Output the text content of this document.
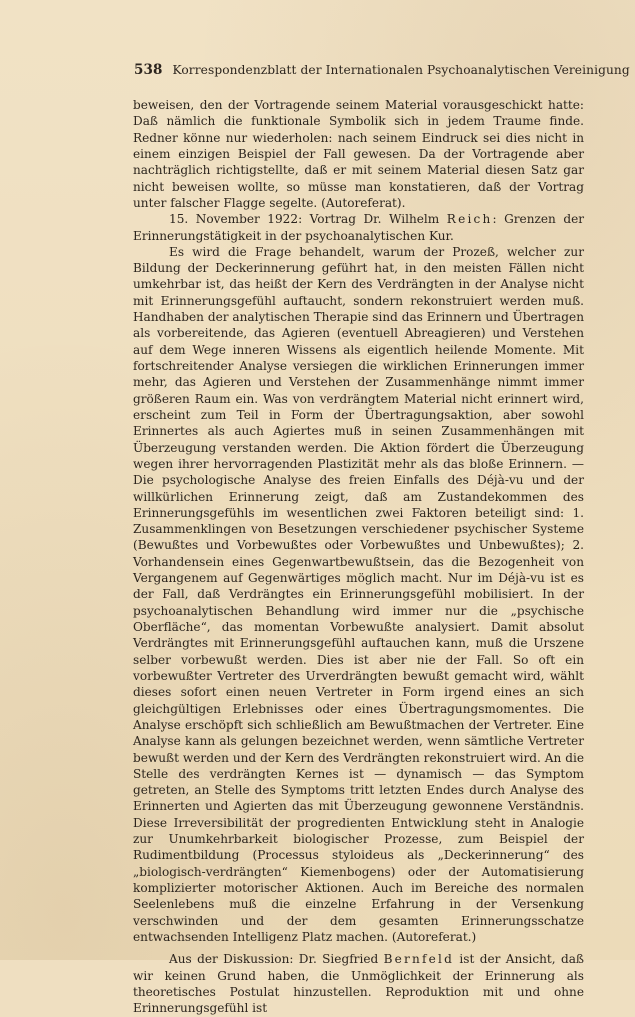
538 Korrespondenzblatt der Internationalen Psychoanalytischen Vereinigung

beweisen, den der Vortragende seinem Material vorausgeschickt hatte: Daß nämlich die funktionale Symbolik sich in jedem Traume finde. Redner könne nur wiederholen: nach seinem Eindruck sei dies nicht in einem einzigen Beispiel der Fall gewesen. Da der Vortragende aber nachträglich richtigstellte, daß er mit seinem Material diesen Satz gar nicht beweisen wollte, so müsse man konstatieren, daß der Vortrag unter falscher Flagge segelte. (Autoreferat).

15. November 1922: Vortrag Dr. Wilhelm Reich: Grenzen der Erinnerungstätigkeit in der psychoanalytischen Kur.

Es wird die Frage behandelt, warum der Prozeß, welcher zur Bildung der Deckerinnerung geführt hat, in den meisten Fällen nicht umkehrbar ist, das heißt der Kern des Verdrängten in der Analyse nicht mit Erinnerungsgefühl auftaucht, sondern rekonstruiert werden muß. Handhaben der analytischen Therapie sind das Erinnern und Übertragen als vorbereitende, das Agieren (eventuell Abreagieren) und Verstehen auf dem Wege inneren Wissens als eigentlich heilende Momente. Mit fortschreitender Analyse versiegen die wirklichen Erinnerungen immer mehr, das Agieren und Verstehen der Zusammenhänge nimmt immer größeren Raum ein. Was von verdrängtem Material nicht erinnert wird, erscheint zum Teil in Form der Übertragungsaktion, aber sowohl Erinnertes als auch Agiertes muß in seinen Zusammenhängen mit Überzeugung verstanden werden. Die Aktion fördert die Überzeugung wegen ihrer hervorragenden Plastizität mehr als das bloße Erinnern. — Die psychologische Analyse des freien Einfalls des Déjà-vu und der willkürlichen Erinnerung zeigt, daß am Zustandekommen des Erinnerungsgefühls im wesentlichen zwei Faktoren beteiligt sind: 1. Zusammenklingen von Besetzungen verschiedener psychischer Systeme (Bewußtes und Vorbewußtes oder Vorbewußtes und Unbewußtes); 2. Vorhandensein eines Gegenwartbewußtsein, das die Bezogenheit von Vergangenem auf Gegenwärtiges möglich macht. Nur im Déjà-vu ist es der Fall, daß Verdrängtes ein Erinnerungsgefühl mobilisiert. In der psychoanalytischen Behandlung wird immer nur die „psychische Oberfläche“, das momentan Vorbewußte analysiert. Damit absolut Verdrängtes mit Erinnerungsgefühl auftauchen kann, muß die Urszene selber vorbewußt werden. Dies ist aber nie der Fall. So oft ein vorbewußter Vertreter des Urverdrängten bewußt gemacht wird, wählt dieses sofort einen neuen Vertreter in Form irgend eines an sich gleichgültigen Erlebnisses oder eines Übertragungsmomentes. Die Analyse erschöpft sich schließlich am Bewußtmachen der Vertreter. Eine Analyse kann als gelungen bezeichnet werden, wenn sämtliche Vertreter bewußt werden und der Kern des Verdrängten rekonstruiert wird. An die Stelle des verdrängten Kernes ist — dynamisch — das Symptom getreten, an Stelle des Symptoms tritt letzten Endes durch Analyse des Erinnerten und Agierten das mit Überzeugung gewonnene Verständnis. Diese Irreversibilität der progredienten Entwicklung steht in Analogie zur Unumkehrbarkeit biologischer Prozesse, zum Beispiel der Rudimentbildung (Processus styloideus als „Deckerinnerung“ des „biologisch-verdrängten“ Kiemenbogens) oder der Automatisierung komplizierter motorischer Aktionen. Auch im Bereiche des normalen Seelenlebens muß die einzelne Erfahrung in der Versenkung verschwinden und der dem gesamten Erinnerungsschatze entwachsenden Intelligenz Platz machen. (Autoreferat.)

Aus der Diskussion: Dr. Siegfried Bernfeld ist der Ansicht, daß wir keinen Grund haben, die Unmöglichkeit der Erinnerung als theoretisches Postulat hinzustellen. Reproduktion mit und ohne Erinnerungsgefühl ist
